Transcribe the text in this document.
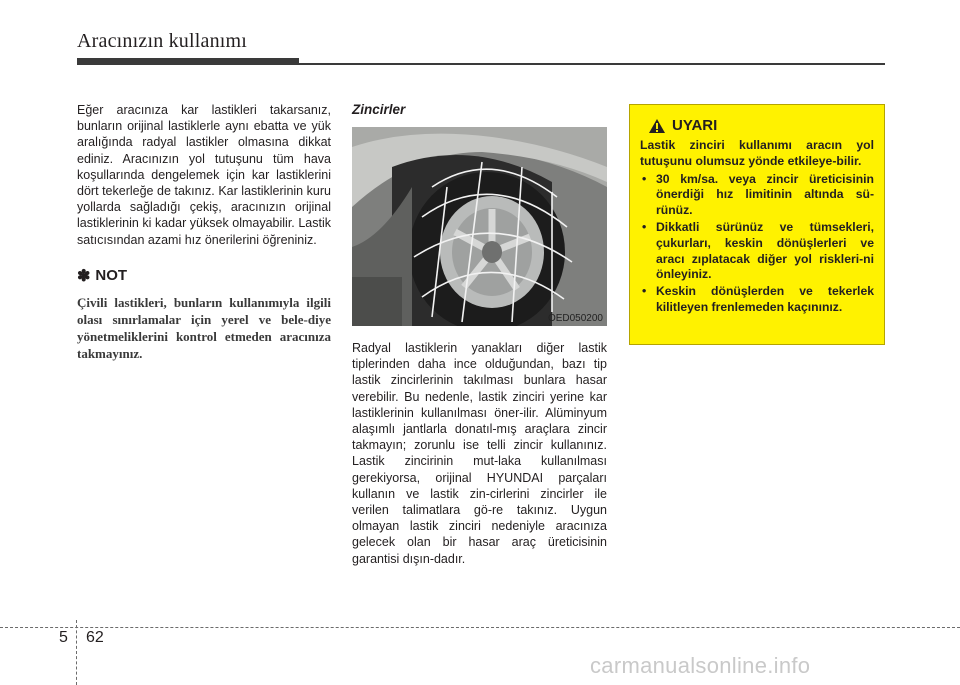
Aracınızın kullanımı

Eğer aracınıza kar lastikleri takarsanız, bunların orijinal lastiklerle aynı ebatta ve yük aralığında radyal lastikler olmasına dikkat ediniz. Aracınızın yol tutuşunu tüm hava koşullarında dengelemek için kar lastiklerini dört tekerleğe de takınız. Kar lastiklerinin kuru yollarda sağladığı çekiş, aracınızın orijinal lastiklerinin ki kadar yüksek olmayabilir. Lastik satıcısından azami hız önerilerini öğreniniz.

✽ NOT
Çivili lastikleri, bunların kullanımıyla ilgili olası sınırlamalar için yerel ve bele-diye yönetmeliklerini kontrol etmeden aracınıza takmayınız.
Zincirler
OED050200

Radyal lastiklerin yanakları diğer lastik tiplerinden daha ince olduğundan, bazı tip lastik zincirlerinin takılması bunlara hasar verebilir. Bu nedenle, lastik zinciri yerine kar lastiklerinin kullanılması öner-ilir. Alüminyum alaşımlı jantlarla donatıl-mış araçlara zincir takmayın; zorunlu ise telli zincir kullanınız. Lastik zincirinin mut-laka kullanılması gerekiyorsa, orijinal HYUNDAI parçaları kullanın ve lastik zin-cirlerini zincirler ile verilen talimatlara gö-re takınız. Uygun olmayan lastik zinciri nedeniyle aracınıza gelecek olan bir hasar araç üreticisinin garantisi dışın-dadır.

UYARI

Lastik zinciri kullanımı aracın yol tutuşunu olumsuz yönde etkileye-bilir.

• 30 km/sa. veya zincir üreticisinin önerdiği hız limitinin altında sü-rünüz.
• Dikkatli sürünüz ve tümsekleri, çukurları, keskin dönüşlerleri ve aracı zıplatacak diğer yol riskleri-ni önleyiniz.
• Keskin dönüşlerden ve tekerlek kilitleyen frenlemeden kaçınınız.
5 62
carmanualsonline.info
